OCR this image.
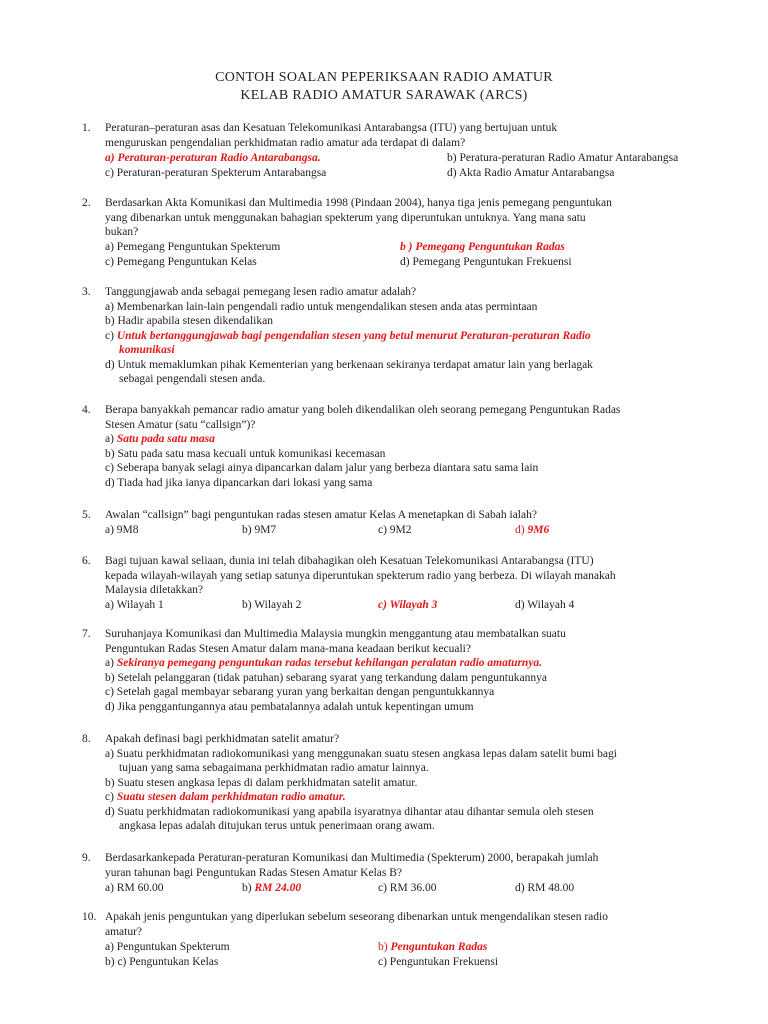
CONTOH SOALAN PEPERIKSAAN RADIO AMATUR
KELAB RADIO AMATUR SARAWAK (ARCS)
1. Peraturan–peraturan asas dan Kesatuan Telekomunikasi Antarabangsa (ITU) yang bertujuan untuk
menguruskan pengendalian perkhidmatan radio amatur ada terdapat di dalam?
a) Peraturan-peraturan Radio Antarabangsa.	b) Peratura-peraturan Radio Amatur Antarabangsa
c) Peraturan-peraturan Spekterum Antarabangsa	d) Akta Radio Amatur Antarabangsa
2. Berdasarkan Akta Komunikasi dan Multimedia 1998 (Pindaan 2004), hanya tiga jenis pemegang penguntukan
yang dibenarkan untuk menggunakan bahagian spekterum yang diperuntukan untuknya. Yang mana satu
bukan?
a) Pemegang Penguntukan Spekterum	b ) Pemegang Penguntukan Radas
c) Pemegang Penguntukan Kelas	d) Pemegang Penguntukan Frekuensi
3. Tanggungjawab anda sebagai pemegang lesen radio amatur adalah?
a) Membenarkan lain-lain pengendali radio untuk mengendalikan stesen anda atas permintaan
b) Hadir apabila stesen dikendalikan
c) Untuk bertanggungjawab bagi pengendalian stesen yang betul menurut Peraturan-peraturan Radio
komunikasi
d) Untuk memaklumkan pihak Kementerian yang berkenaan sekiranya terdapat amatur lain yang berlagak
sebagai pengendali stesen anda.
4. Berapa banyakkah pemancar radio amatur yang boleh dikendalikan oleh seorang pemegang Penguntukan Radas
Stesen Amatur (satu “callsign”)?
a) Satu pada satu masa
b) Satu pada satu masa kecuali untuk komunikasi kecemasan
c) Seberapa banyak selagi ainya dipancarkan dalam jalur yang berbeza diantara satu sama lain
d) Tiada had jika ianya dipancarkan dari lokasi yang sama
5. Awalan “callsign” bagi penguntukan radas stesen amatur Kelas A menetapkan di Sabah ialah?
a) 9M8	b) 9M7	c) 9M2	d) 9M6
6. Bagi tujuan kawal seliaan, dunia ini telah dibahagikan oleh Kesatuan Telekomunikasi Antarabangsa (ITU)
kepada wilayah-wilayah yang setiap satunya diperuntukan spekterum radio yang berbeza. Di wilayah manakah
Malaysia diletakkan?
a) Wilayah 1	b) Wilayah 2	c) Wilayah 3	d) Wilayah 4
7. Suruhanjaya Komunikasi dan Multimedia Malaysia mungkin menggantung atau membatalkan suatu
Penguntukan Radas Stesen Amatur dalam mana-mana keadaan berikut kecuali?
a) Sekiranya pemegang penguntukan radas tersebut kehilangan peralatan radio amaturnya.
b) Setelah pelanggaran (tidak patuhan) sebarang syarat yang terkandung dalam penguntukannya
c) Setelah gagal membayar sebarang yuran yang berkaitan dengan penguntukkannya
d) Jika penggantungannya atau pembatalannya adalah untuk kepentingan umum
8. Apakah definasi bagi perkhidmatan satelit amatur?
a) Suatu perkhidmatan radiokomunikasi yang menggunakan suatu stesen angkasa lepas dalam satelit bumi bagi
tujuan yang sama sebagaimana perkhidmatan radio amatur lainnya.
b) Suatu stesen angkasa lepas di dalam perkhidmatan satelit amatur.
c) Suatu stesen dalam perkhidmatan radio amatur.
d) Suatu perkhidmatan radiokomunikasi yang apabila isyaratnya dihantar atau dihantar semula oleh stesen
angkasa lepas adalah ditujukan terus untuk penerimaan orang awam.
9. Berdasarkankepada Peraturan-peraturan Komunikasi dan Multimedia (Spekterum) 2000, berapakah jumlah
yuran tahunan bagi Penguntukan Radas Stesen Amatur Kelas B?
a) RM 60.00	b) RM 24.00	c) RM 36.00	d) RM 48.00
10. Apakah jenis penguntukan yang diperlukan sebelum seseorang dibenarkan untuk mengendalikan stesen radio
amatur?
a) Penguntukan Spekterum	b) Penguntukan Radas
b) c) Penguntukan Kelas	c) Penguntukan Frekuensi
